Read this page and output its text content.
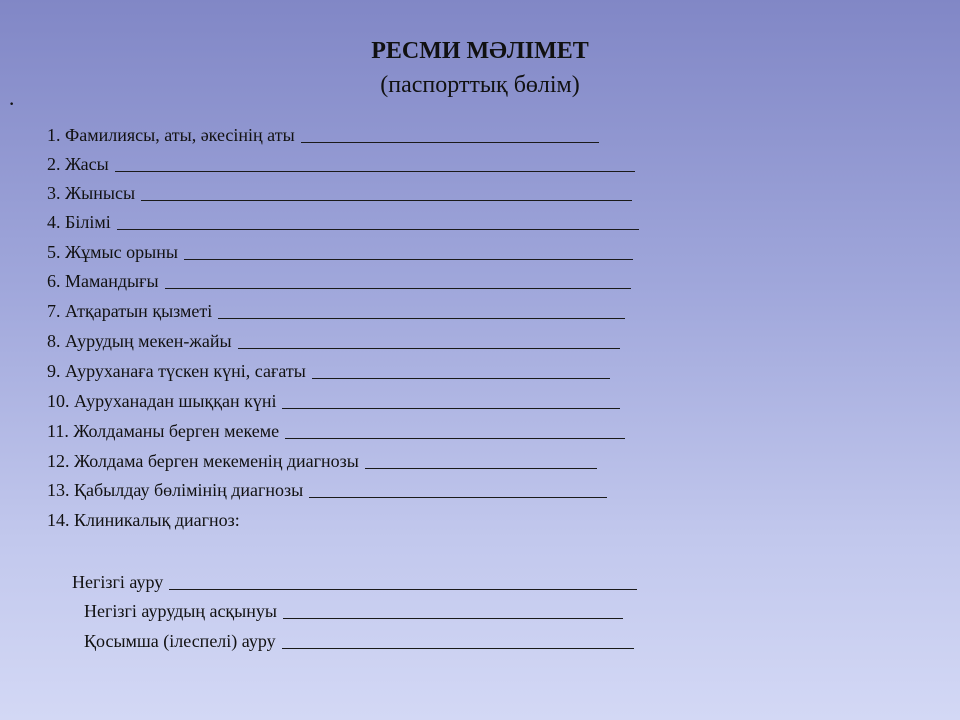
РЕСМИ МӘЛІМЕТ
(паспорттық бөлім)
·
1. Фамилиясы, аты, әкесінің аты
2. Жасы
3. Жынысы
4. Білімі
5. Жұмыс орыны
6. Мамандығы
7. Атқаратын қызметі
8. Аурудың мекен-жайы
9. Ауруханаға түскен күні, сағаты
10. Ауруханадан шыққан күні
11. Жолдаманы берген мекеме
12. Жолдама берген мекеменің диагнозы
13. Қабылдау бөлімінің диагнозы
14. Клиникалық диагноз:
Негізгі ауру
Негізгі аурудың асқынуы
Қосымша (ілеспелі) ауру
